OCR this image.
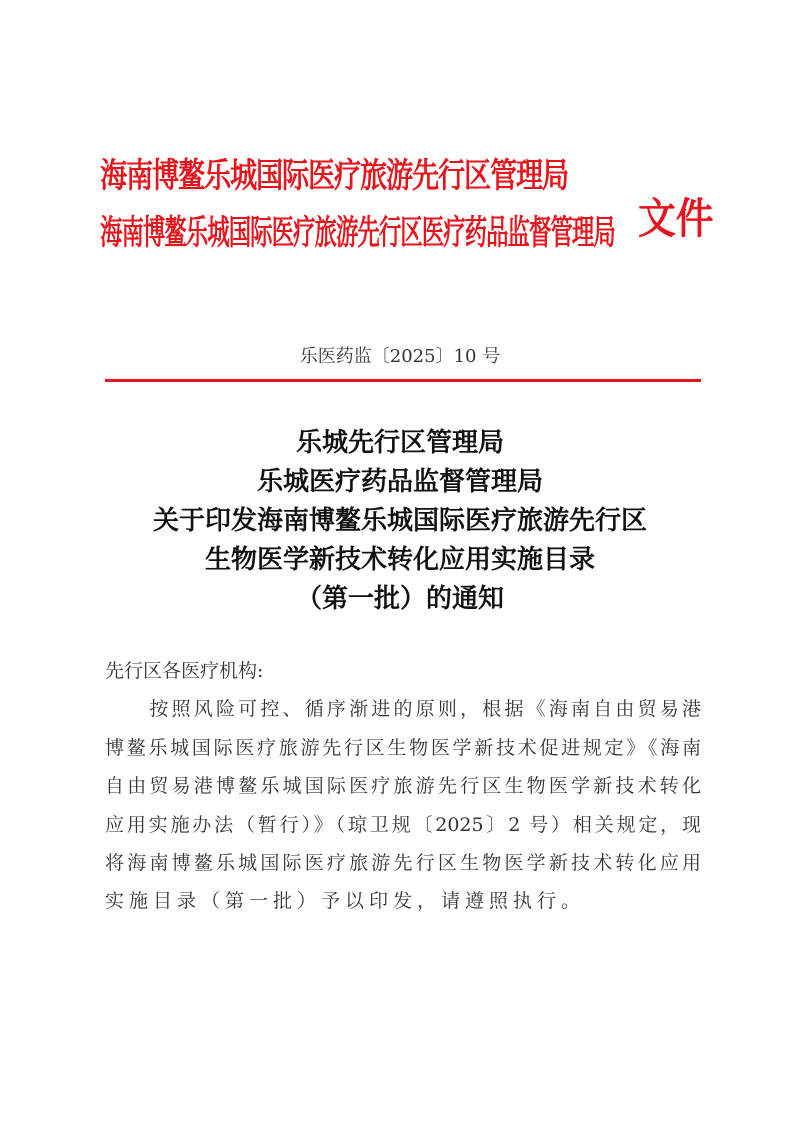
海南博鳌乐城国际医疗旅游先行区管理局
海南博鳌乐城国际医疗旅游先行区医疗药品监督管理局 文件
乐医药监〔2025〕10 号
乐城先行区管理局
乐城医疗药品监督管理局
关于印发海南博鳌乐城国际医疗旅游先行区
生物医学新技术转化应用实施目录
（第一批）的通知
先行区各医疗机构:
　　按照风险可控、循序渐进的原则，根据《海南自由贸易港
博鳌乐城国际医疗旅游先行区生物医学新技术促进规定》《海南
自由贸易港博鳌乐城国际医疗旅游先行区生物医学新技术转化
应用实施办法（暂行）》（琼卫规〔2025〕2 号）相关规定，现
将海南博鳌乐城国际医疗旅游先行区生物医学新技术转化应用
实施目录（第一批）予以印发，请遵照执行。
